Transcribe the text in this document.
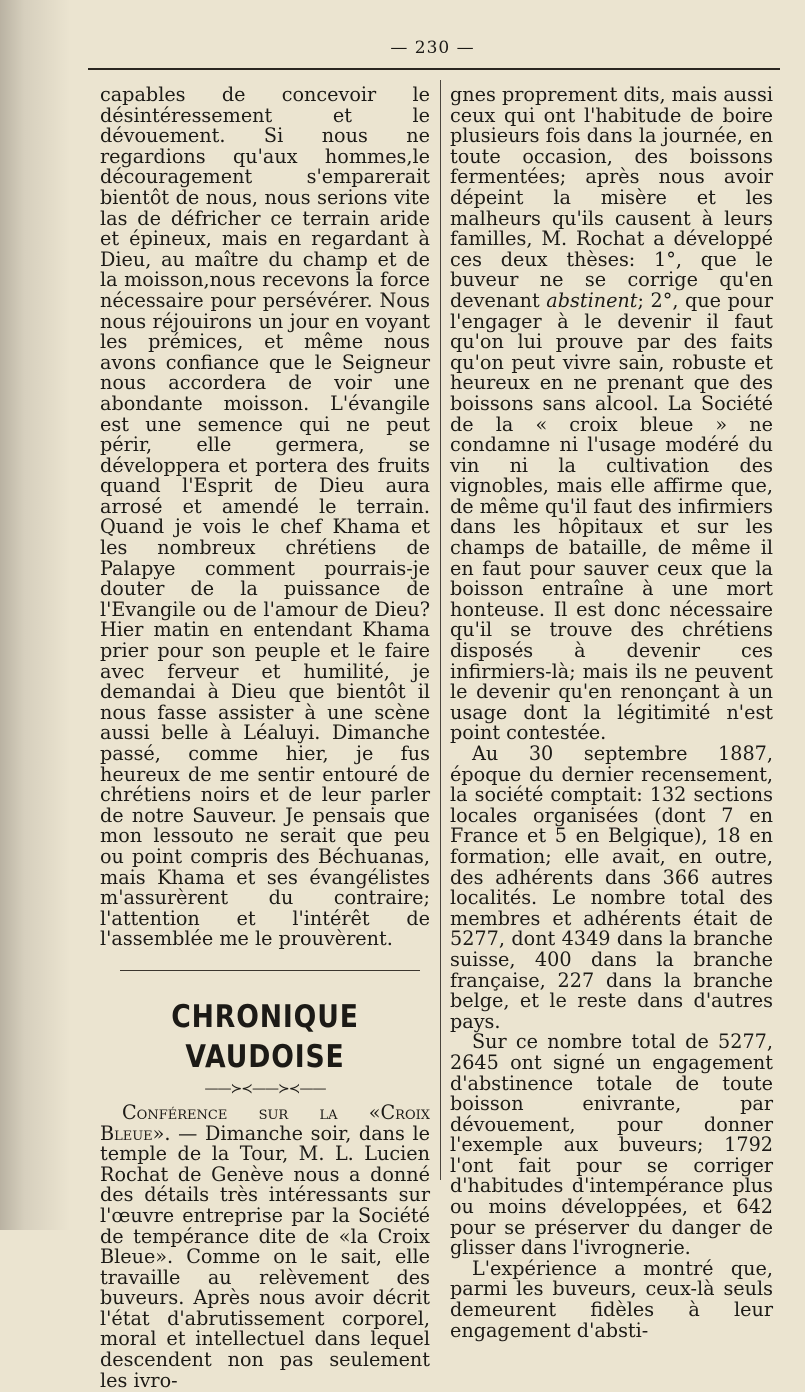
— 230 —

capables de concevoir le désintéressement et le dévouement. Si nous ne regardions qu'aux hommes,le découragement s'emparerait bientôt de nous, nous serions vite las de défricher ce terrain aride et épineux, mais en regardant à Dieu, au maître du champ et de la moisson,nous recevons la force nécessaire pour persévérer. Nous nous réjouirons un jour en voyant les prémices, et même nous avons confiance que le Seigneur nous accordera de voir une abondante moisson. L'évangile est une semence qui ne peut périr, elle germera, se développera et portera des fruits quand l'Esprit de Dieu aura arrosé et amendé le terrain. Quand je vois le chef Khama et les nombreux chrétiens de Palapye comment pourrais-je douter de la puissance de l'Evangile ou de l'amour de Dieu? Hier matin en entendant Khama prier pour son peuple et le faire avec ferveur et humilité, je demandai à Dieu que bientôt il nous fasse assister à une scène aussi belle à Léaluyi. Dimanche passé, comme hier, je fus heureux de me sentir entouré de chrétiens noirs et de leur parler de notre Sauveur. Je pensais que mon lessouto ne serait que peu ou point compris des Béchuanas, mais Khama et ses évangélistes m'assurèrent du contraire; l'attention et l'intérêt de l'assemblée me le prouvèrent.

CHRONIQUE VAUDOISE
——≻≺——≻≺——

Conférence sur la «Croix Bleue». — Dimanche soir, dans le temple de la Tour, M. L. Lucien Rochat de Genève nous a donné des détails très intéressants sur l'œuvre entreprise par la Société de tempérance dite de «la Croix Bleue». Comme on le sait, elle travaille au relèvement des buveurs. Après nous avoir décrit l'état d'abrutissement corporel, moral et intellectuel dans lequel descendent non pas seulement les ivro-

gnes proprement dits, mais aussi ceux qui ont l'habitude de boire plusieurs fois dans la journée, en toute occasion, des boissons fermentées; après nous avoir dépeint la misère et les malheurs qu'ils causent à leurs familles, M. Rochat a développé ces deux thèses: 1°, que le buveur ne se corrige qu'en devenant abstinent; 2°, que pour l'engager à le devenir il faut qu'on lui prouve par des faits qu'on peut vivre sain, robuste et heureux en ne prenant que des boissons sans alcool. La Société de la « croix bleue » ne condamne ni l'usage modéré du vin ni la cultivation des vignobles, mais elle affirme que, de même qu'il faut des infirmiers dans les hôpitaux et sur les champs de bataille, de même il en faut pour sauver ceux que la boisson entraîne à une mort honteuse. Il est donc nécessaire qu'il se trouve des chrétiens disposés à devenir ces infirmiers-là; mais ils ne peuvent le devenir qu'en renonçant à un usage dont la légitimité n'est point contestée.

Au 30 septembre 1887, époque du dernier recensement, la société comptait: 132 sections locales organisées (dont 7 en France et 5 en Belgique), 18 en formation; elle avait, en outre, des adhérents dans 366 autres localités. Le nombre total des membres et adhérents était de 5277, dont 4349 dans la branche suisse, 400 dans la branche française, 227 dans la branche belge, et le reste dans d'autres pays.

Sur ce nombre total de 5277, 2645 ont signé un engagement d'abstinence totale de toute boisson enivrante, par dévouement, pour donner l'exemple aux buveurs; 1792 l'ont fait pour se corriger d'habitudes d'intempérance plus ou moins développées, et 642 pour se préserver du danger de glisser dans l'ivrognerie.

L'expérience a montré que, parmi les buveurs, ceux-là seuls demeurent fidèles à leur engagement d'absti-
